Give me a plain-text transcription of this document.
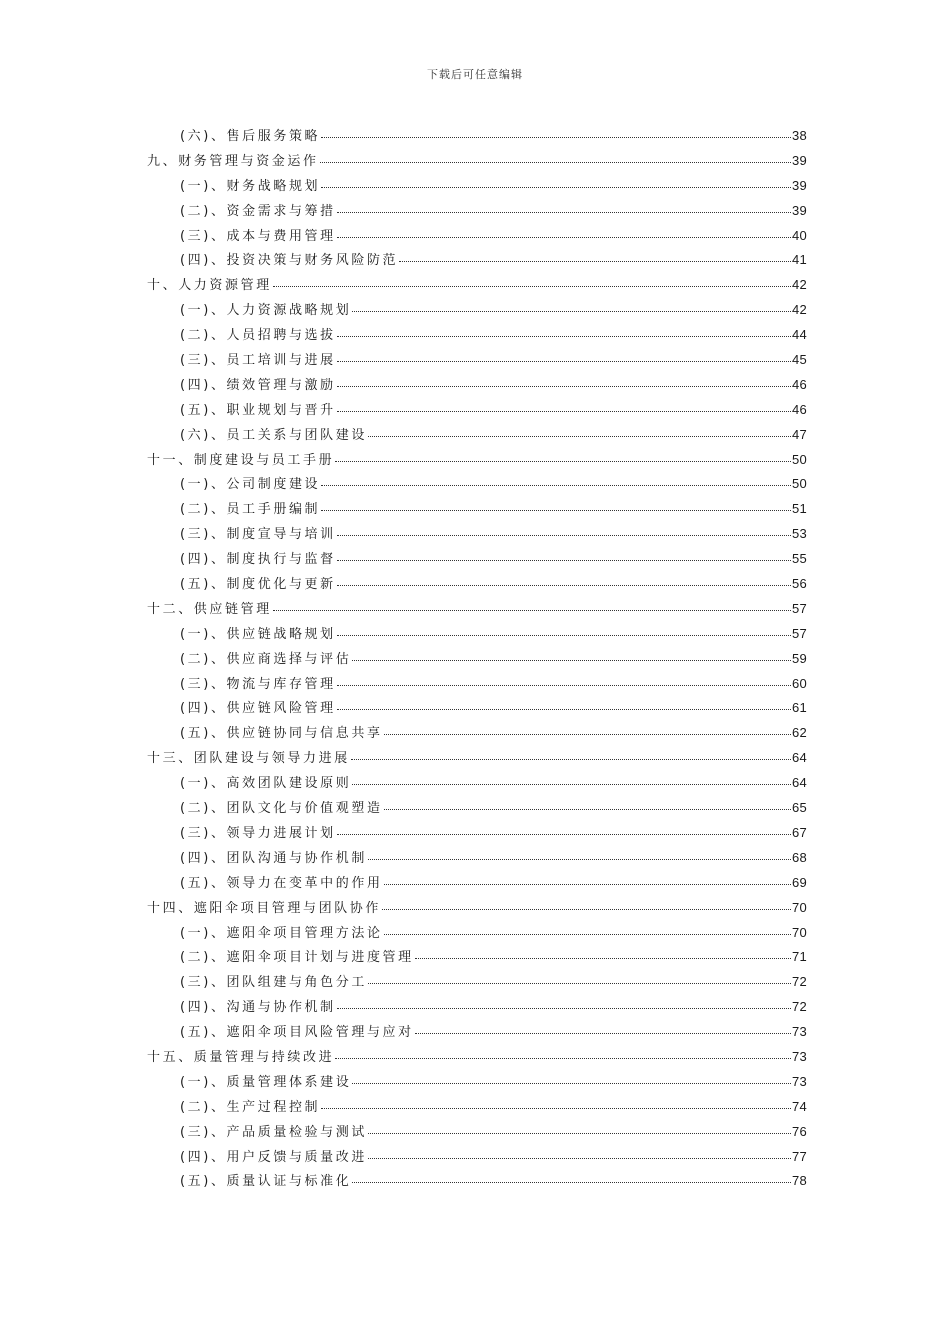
下载后可任意编辑
(六)、售后服务策略	38
九、财务管理与资金运作	39
(一)、财务战略规划	39
(二)、资金需求与筹措	39
(三)、成本与费用管理	40
(四)、投资决策与财务风险防范	41
十、人力资源管理	42
(一)、人力资源战略规划	42
(二)、人员招聘与选拔	44
(三)、员工培训与进展	45
(四)、绩效管理与激励	46
(五)、职业规划与晋升	46
(六)、员工关系与团队建设	47
十一、制度建设与员工手册	50
(一)、公司制度建设	50
(二)、员工手册编制	51
(三)、制度宣导与培训	53
(四)、制度执行与监督	55
(五)、制度优化与更新	56
十二、供应链管理	57
(一)、供应链战略规划	57
(二)、供应商选择与评估	59
(三)、物流与库存管理	60
(四)、供应链风险管理	61
(五)、供应链协同与信息共享	62
十三、团队建设与领导力进展	64
(一)、高效团队建设原则	64
(二)、团队文化与价值观塑造	65
(三)、领导力进展计划	67
(四)、团队沟通与协作机制	68
(五)、领导力在变革中的作用	69
十四、遮阳伞项目管理与团队协作	70
(一)、遮阳伞项目管理方法论	70
(二)、遮阳伞项目计划与进度管理	71
(三)、团队组建与角色分工	72
(四)、沟通与协作机制	72
(五)、遮阳伞项目风险管理与应对	73
十五、质量管理与持续改进	73
(一)、质量管理体系建设	73
(二)、生产过程控制	74
(三)、产品质量检验与测试	76
(四)、用户反馈与质量改进	77
(五)、质量认证与标准化	78
